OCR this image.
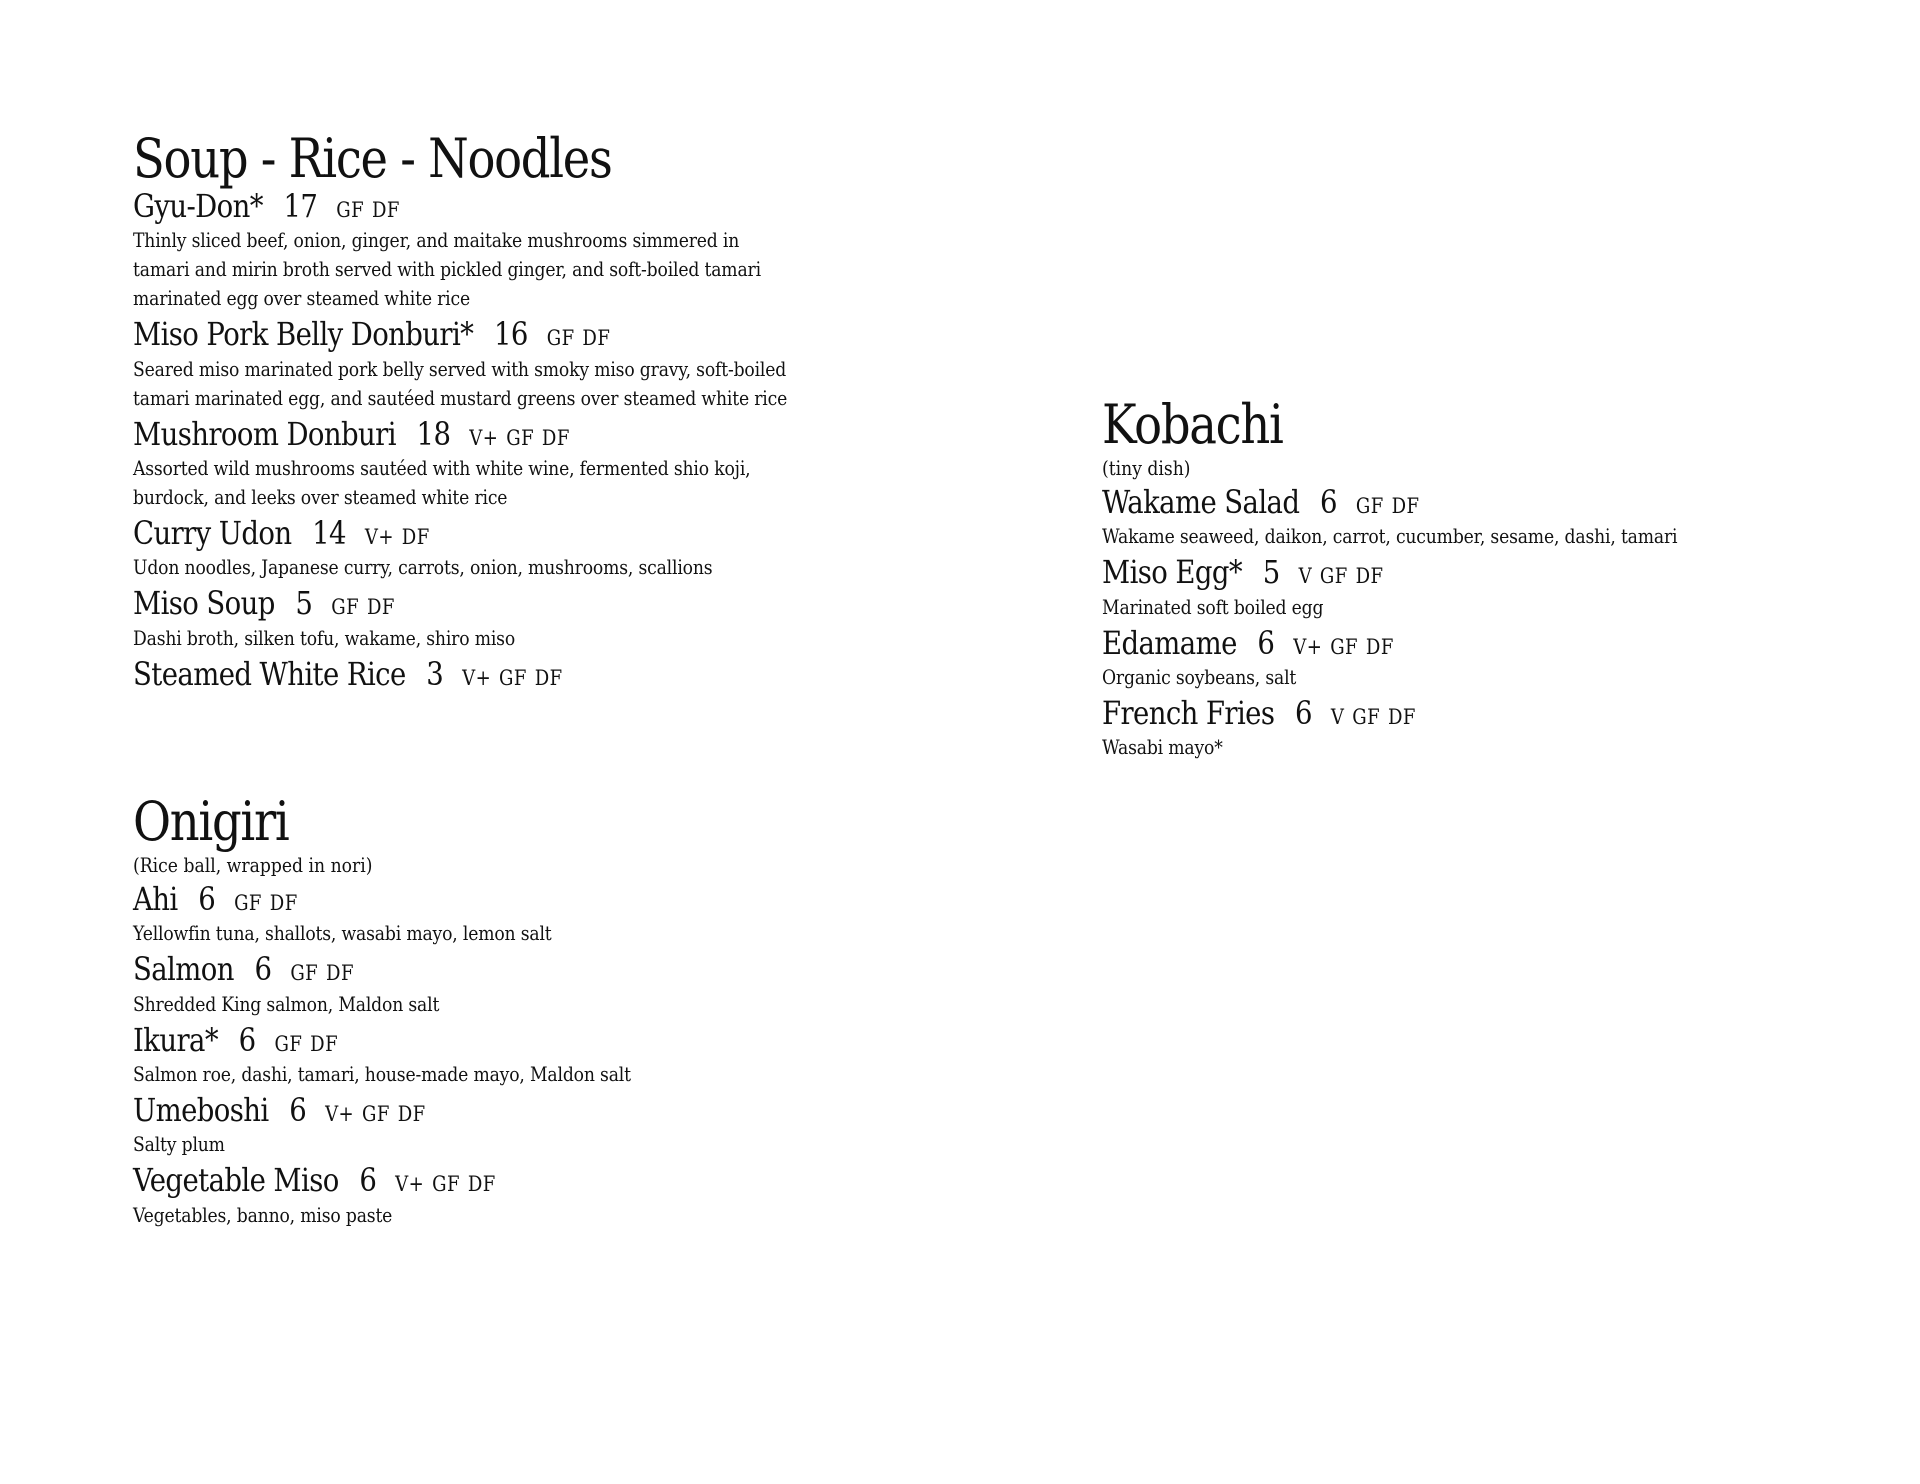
Soup - Rice - Noodles
Gyu-Don* 17 GF DF
Thinly sliced beef, onion, ginger, and maitake mushrooms simmered in
tamari and mirin broth served with pickled ginger, and soft-boiled tamari
marinated egg over steamed white rice
Miso Pork Belly Donburi* 16 GF DF
Seared miso marinated pork belly served with smoky miso gravy, soft-boiled
tamari marinated egg, and sautéed mustard greens over steamed white rice
Mushroom Donburi 18 V+ GF DF
Assorted wild mushrooms sautéed with white wine, fermented shio koji,
burdock, and leeks over steamed white rice
Curry Udon 14 V+ DF
Udon noodles, Japanese curry, carrots, onion, mushrooms, scallions
Miso Soup 5 GF DF
Dashi broth, silken tofu, wakame, shiro miso
Steamed White Rice 3 V+ GF DF
Onigiri
(Rice ball, wrapped in nori)
Ahi 6 GF DF
Yellowfin tuna, shallots, wasabi mayo, lemon salt
Salmon 6 GF DF
Shredded King salmon, Maldon salt
Ikura* 6 GF DF
Salmon roe, dashi, tamari, house-made mayo, Maldon salt
Umeboshi 6 V+ GF DF
Salty plum
Vegetable Miso 6 V+ GF DF
Vegetables, banno, miso paste
Kobachi
(tiny dish)
Wakame Salad 6 GF DF
Wakame seaweed, daikon, carrot, cucumber, sesame, dashi, tamari
Miso Egg* 5 V GF DF
Marinated soft boiled egg
Edamame 6 V+ GF DF
Organic soybeans, salt
French Fries 6 V GF DF
Wasabi mayo*
